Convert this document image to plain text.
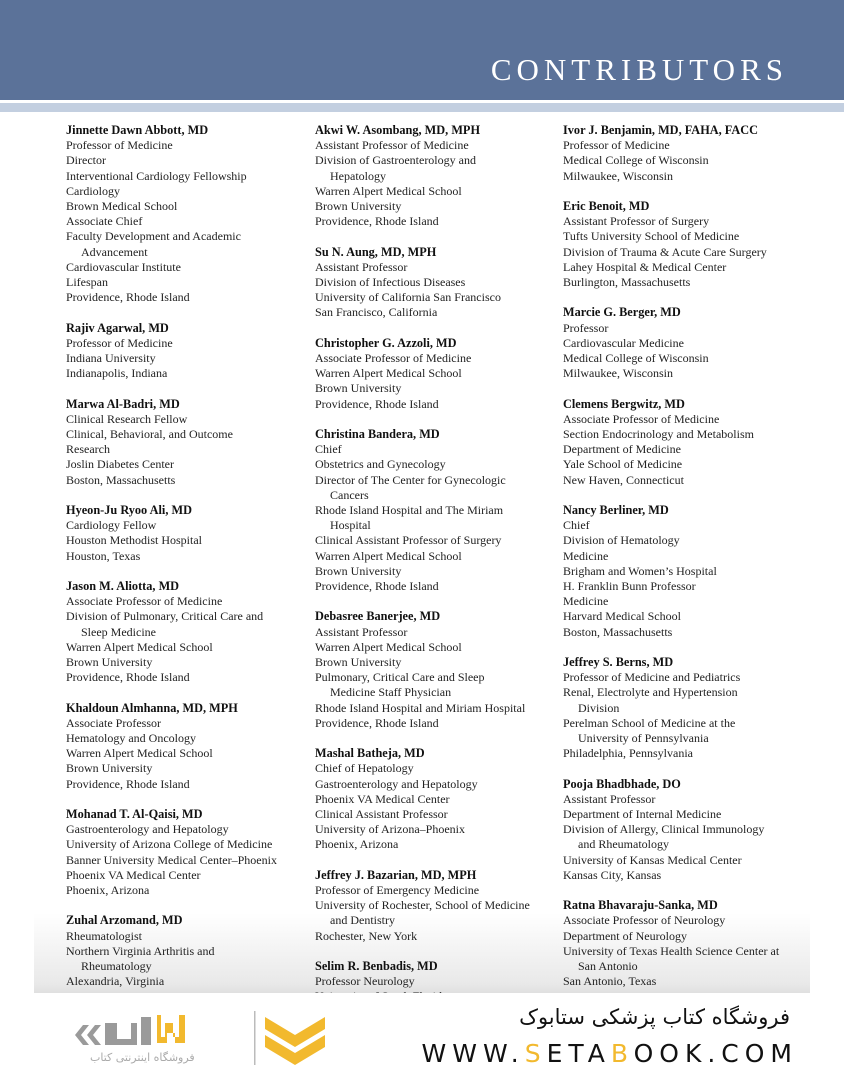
CONTRIBUTORS
Jinnette Dawn Abbott, MD
Professor of Medicine
Director
Interventional Cardiology Fellowship
Cardiology
Brown Medical School
Associate Chief
Faculty Development and Academic
Advancement
Cardiovascular Institute
Lifespan
Providence, Rhode Island
Rajiv Agarwal, MD
Professor of Medicine
Indiana University
Indianapolis, Indiana
Marwa Al-Badri, MD
Clinical Research Fellow
Clinical, Behavioral, and Outcome
Research
Joslin Diabetes Center
Boston, Massachusetts
Hyeon-Ju Ryoo Ali, MD
Cardiology Fellow
Houston Methodist Hospital
Houston, Texas
Jason M. Aliotta, MD
Associate Professor of Medicine
Division of Pulmonary, Critical Care and
Sleep Medicine
Warren Alpert Medical School
Brown University
Providence, Rhode Island
Khaldoun Almhanna, MD, MPH
Associate Professor
Hematology and Oncology
Warren Alpert Medical School
Brown University
Providence, Rhode Island
Mohanad T. Al-Qaisi, MD
Gastroenterology and Hepatology
University of Arizona College of Medicine
Banner University Medical Center–Phoenix
Phoenix VA Medical Center
Phoenix, Arizona
Zuhal Arzomand, MD
Rheumatologist
Northern Virginia Arthritis and
Rheumatology
Alexandria, Virginia
Akwi W. Asombang, MD, MPH
Assistant Professor of Medicine
Division of Gastroenterology and
Hepatology
Warren Alpert Medical School
Brown University
Providence, Rhode Island
Su N. Aung, MD, MPH
Assistant Professor
Division of Infectious Diseases
University of California San Francisco
San Francisco, California
Christopher G. Azzoli, MD
Associate Professor of Medicine
Warren Alpert Medical School
Brown University
Providence, Rhode Island
Christina Bandera, MD
Chief
Obstetrics and Gynecology
Director of The Center for Gynecologic
Cancers
Rhode Island Hospital and The Miriam
Hospital
Clinical Assistant Professor of Surgery
Warren Alpert Medical School
Brown University
Providence, Rhode Island
Debasree Banerjee, MD
Assistant Professor
Warren Alpert Medical School
Brown University
Pulmonary, Critical Care and Sleep
Medicine Staff Physician
Rhode Island Hospital and Miriam Hospital
Providence, Rhode Island
Mashal Batheja, MD
Chief of Hepatology
Gastroenterology and Hepatology
Phoenix VA Medical Center
Clinical Assistant Professor
University of Arizona–Phoenix
Phoenix, Arizona
Jeffrey J. Bazarian, MD, MPH
Professor of Emergency Medicine
University of Rochester, School of Medicine
and Dentistry
Rochester, New York
Selim R. Benbadis, MD
Professor Neurology
Ivor J. Benjamin, MD, FAHA, FACC
Professor of Medicine
Medical College of Wisconsin
Milwaukee, Wisconsin
Eric Benoit, MD
Assistant Professor of Surgery
Tufts University School of Medicine
Division of Trauma & Acute Care Surgery
Lahey Hospital & Medical Center
Burlington, Massachusetts
Marcie G. Berger, MD
Professor
Cardiovascular Medicine
Medical College of Wisconsin
Milwaukee, Wisconsin
Clemens Bergwitz, MD
Associate Professor of Medicine
Section Endocrinology and Metabolism
Department of Medicine
Yale School of Medicine
New Haven, Connecticut
Nancy Berliner, MD
Chief
Division of Hematology
Medicine
Brigham and Women’s Hospital
H. Franklin Bunn Professor
Medicine
Harvard Medical School
Boston, Massachusetts
Jeffrey S. Berns, MD
Professor of Medicine and Pediatrics
Renal, Electrolyte and Hypertension
Division
Perelman School of Medicine at the
University of Pennsylvania
Philadelphia, Pennsylvania
Pooja Bhadbhade, DO
Assistant Professor
Department of Internal Medicine
Division of Allergy, Clinical Immunology
and Rheumatology
University of Kansas Medical Center
Kansas City, Kansas
Ratna Bhavaraju-Sanka, MD
Associate Professor of Neurology
Department of Neurology
University of Texas Health Science Center at
San Antonio
San Antonio, Texas
فروشگاه اینترنتی کتاب
فروشگاه کتاب پزشکی ستابوک
WWW.SETABOOK.COM
